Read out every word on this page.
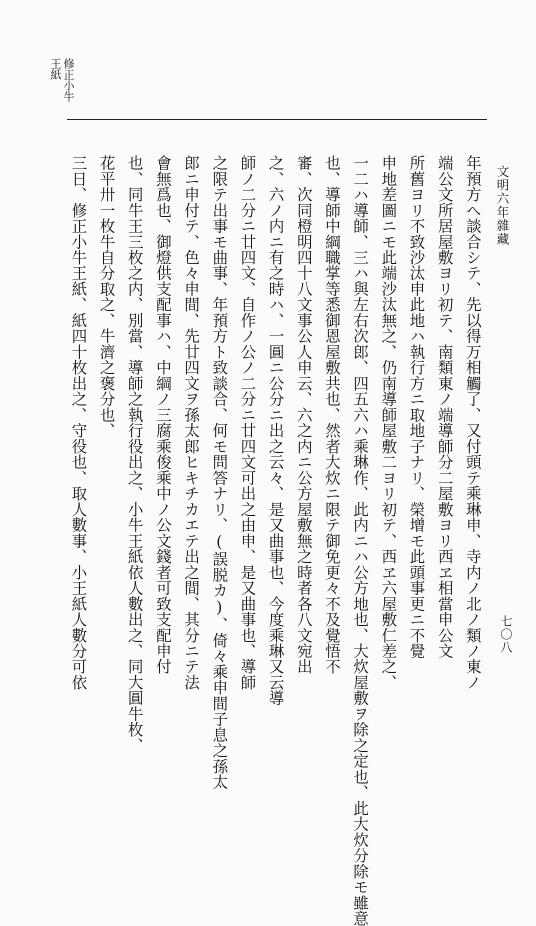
文明六年雜藏
七〇八
修正小牛
王紙
年預方へ談合シテ、先以得万相觸了、又付頭テ乘琳申、寺内ノ北ノ類ノ東ノ
端公文所居屋敷ヨリ初テ、南類東ノ端導師分二屋敷ヨリ西ヱ相當申公文
所舊ヨリ不致沙汰申此地ハ執行方ニ取地子ナリ、榮增モ此頭事更ニ不覺
申地差圖ニモ此端沙汰無之、仍南導師屋敷二ヨリ初テ、西ヱ六屋敷仁差之、
一二ハ導師、三ハ與左右次郎、四五六ハ乘琳作、此内ニハ公方地也、大炊屋敷ヲ除之定也、此大炊分除モ雖意
也、導師中綱職掌等悉御恩屋敷共也、然者大炊ニ限テ御免更々不及覺悟不
審、次同橙明四十八文事公人申云、六之内ニ公方屋敷無之時者各八文宛出
之、六ノ内ニ有之時ハ、一圓ニ公分ニ出之云々、是又曲事也、今度乘琳又云導
師ノ二分ニ廿四文、自作ノ公ノ二分ニ廿四文可出之由申、是又曲事也、導師
之限テ出事モ曲事、年預方ト致談合、何モ問答ナリ、(誤脱カ)、倚々乘申間子息之孫太
郎ニ申付テ、色々申間、先廿四文ヲ孫太郎ヒキチカエテ出之間、其分ニテ法
會無爲也、御燈供支配事ハ、中綱ノ三腐乘俊乘中ノ公文錢者可致支配申付
也、同牛王三枚之内、別當、導師之執行役出之、小牛王紙依人數出之、同大圓牛枚、
花平卅一枚牛自分取之、牛濟之褒分也、
三日、修正小牛王紙、紙四十枚出之、守役也、取人數事、小王紙人數分可依
